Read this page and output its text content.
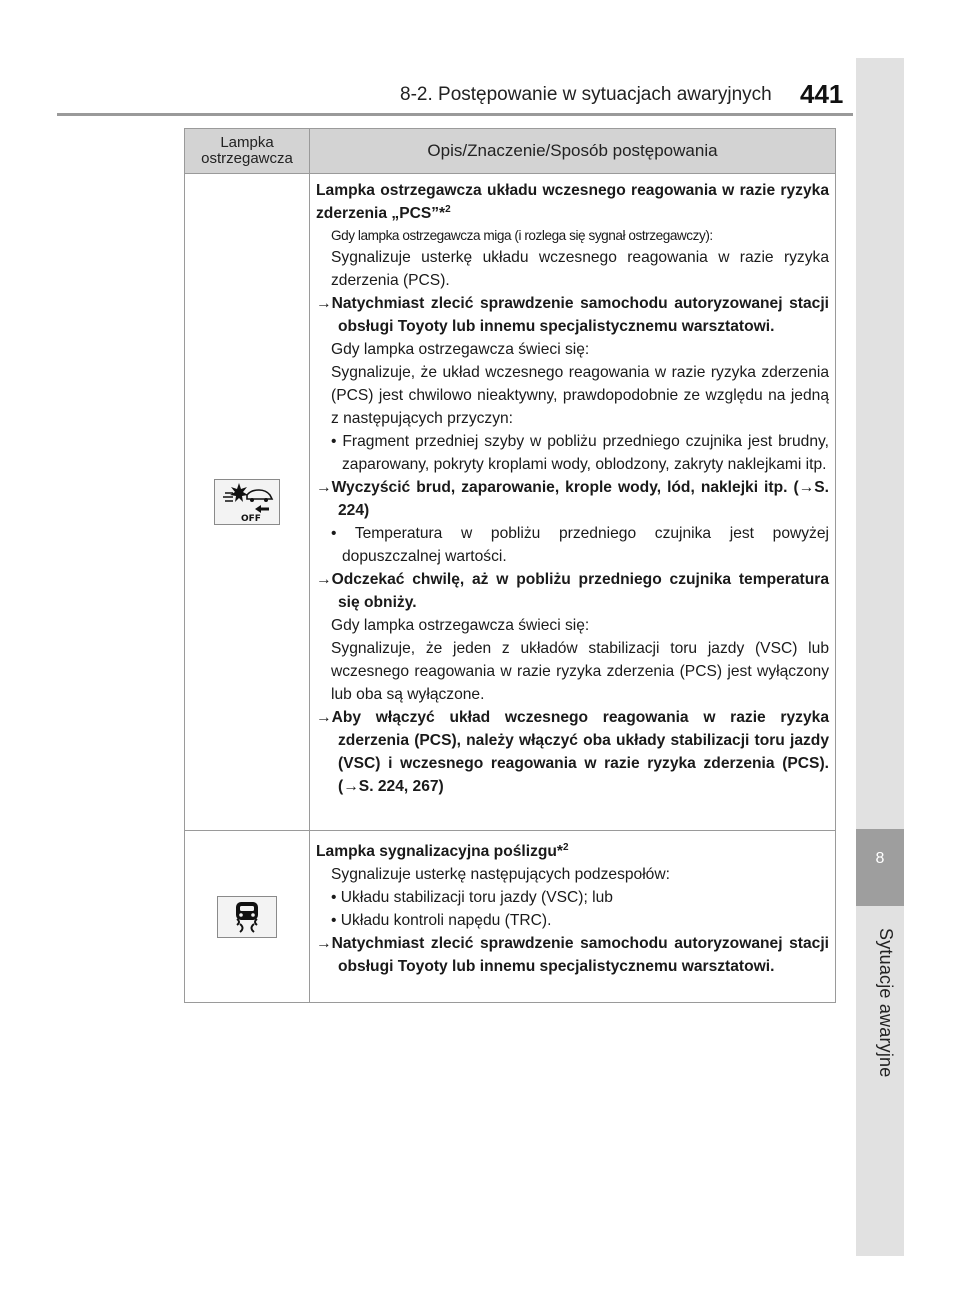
8-2. Postępowanie w sytuacjach awaryjnych 441
8
Sytuacje awaryjne
Lampka
ostrzegawcza	Opis/Znaczenie/Sposób postępowania
OFF
Lampka ostrzegawcza układu wczesnego reagowania w razie ryzyka zderzenia „PCS”*$^2$
Gdy lampka ostrzegawcza miga (i rozlega się sygnał ostrzegawczy):
Sygnalizuje usterkę układu wczesnego reagowania w razie ryzyka zderzenia (PCS).
→Natychmiast zlecić sprawdzenie samochodu autoryzowanej stacji obsługi Toyoty lub innemu specjalistycznemu warsztatowi.
Gdy lampka ostrzegawcza świeci się:
Sygnalizuje, że układ wczesnego reagowania w razie ryzyka zderzenia (PCS) jest chwilowo nieaktywny, prawdopodobnie ze względu na jedną z następujących przyczyn:
• Fragment przedniej szyby w pobliżu przedniego czujnika jest brudny, zaparowany, pokryty kroplami wody, oblodzony, zakryty naklejkami itp.
→Wyczyścić brud, zaparowanie, krople wody, lód, naklejki itp. (→S. 224)
• Temperatura w pobliżu przedniego czujnika jest powyżej dopuszczalnej wartości.
→Odczekać chwilę, aż w pobliżu przedniego czujnika temperatura się obniży.
Gdy lampka ostrzegawcza świeci się:
Sygnalizuje, że jeden z układów stabilizacji toru jazdy (VSC) lub wczesnego reagowania w razie ryzyka zderzenia (PCS) jest wyłączony lub oba są wyłączone.
→Aby włączyć układ wczesnego reagowania w razie ryzyka zderzenia (PCS), należy włączyć oba układy stabilizacji toru jazdy (VSC) i wczesnego reagowania w razie ryzyka zderzenia (PCS). (→S. 224, 267)
Lampka sygnalizacyjna poślizgu*$^2$
Sygnalizuje usterkę następujących podzespołów:
• Układu stabilizacji toru jazdy (VSC); lub
• Układu kontroli napędu (TRC).
→Natychmiast zlecić sprawdzenie samochodu autoryzowanej stacji obsługi Toyoty lub innemu specjalistycznemu warsztatowi.
